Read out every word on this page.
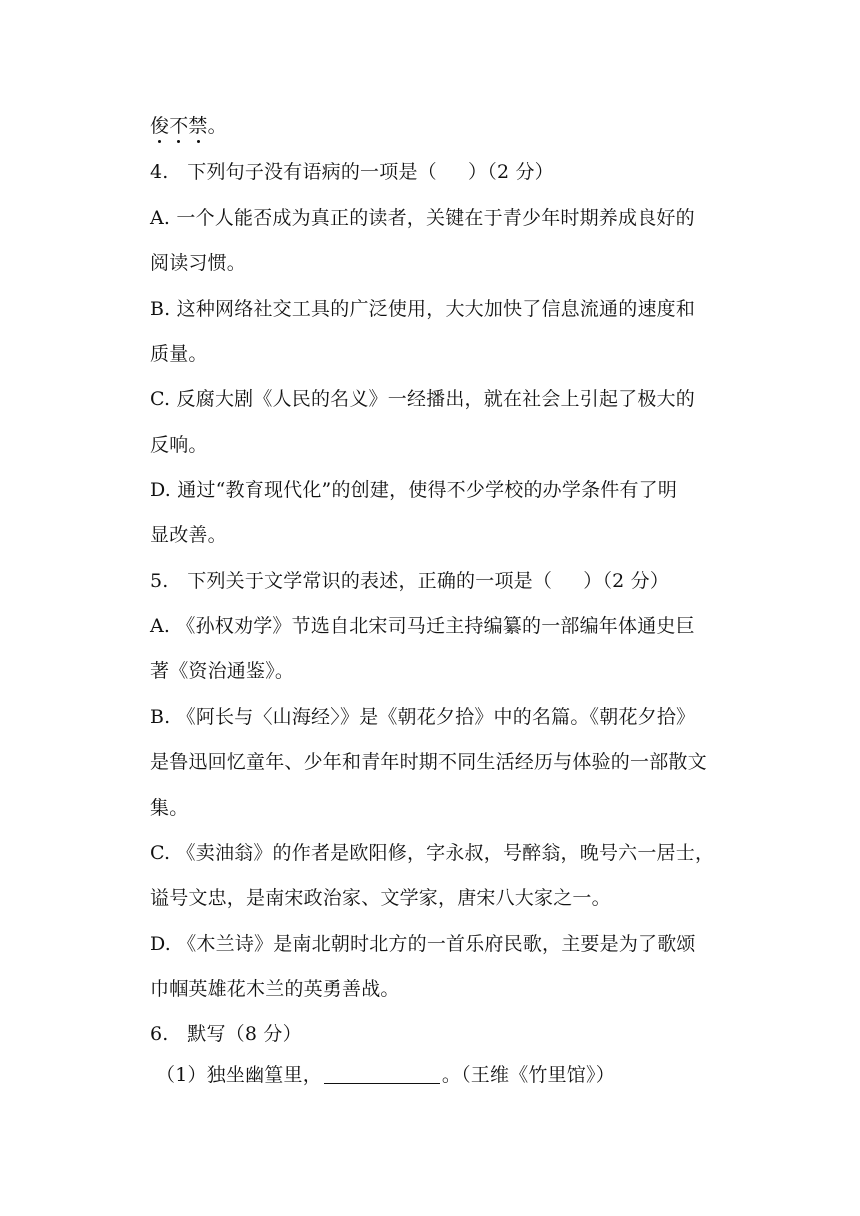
俊不禁。
4.   下列句子没有语病的一项是（     ）（2 分）
A. 一个人能否成为真正的读者，关键在于青少年时期养成良好的
阅读习惯。
B. 这种网络社交工具的广泛使用，大大加快了信息流通的速度和
质量。
C. 反腐大剧《人民的名义》一经播出，就在社会上引起了极大的
反响。
D. 通过“教育现代化”的创建，使得不少学校的办学条件有了明
显改善。
5.   下列关于文学常识的表述，正确的一项是（     ）（2 分）
A. 《孙权劝学》节选自北宋司马迁主持编纂的一部编年体通史巨
著《资治通鉴》。
B. 《阿长与〈山海经〉》是《朝花夕拾》中的名篇。《朝花夕拾》
是鲁迅回忆童年、少年和青年时期不同生活经历与体验的一部散文
集。
C. 《卖油翁》的作者是欧阳修，字永叔，号醉翁，晚号六一居士，
谥号文忠，是南宋政治家、文学家，唐宋八大家之一。
D. 《木兰诗》是南北朝时北方的一首乐府民歌，主要是为了歌颂
巾帼英雄花木兰的英勇善战。
6.   默写（8 分）
（1）独坐幽篁里，	。（王维《竹里馆》）
